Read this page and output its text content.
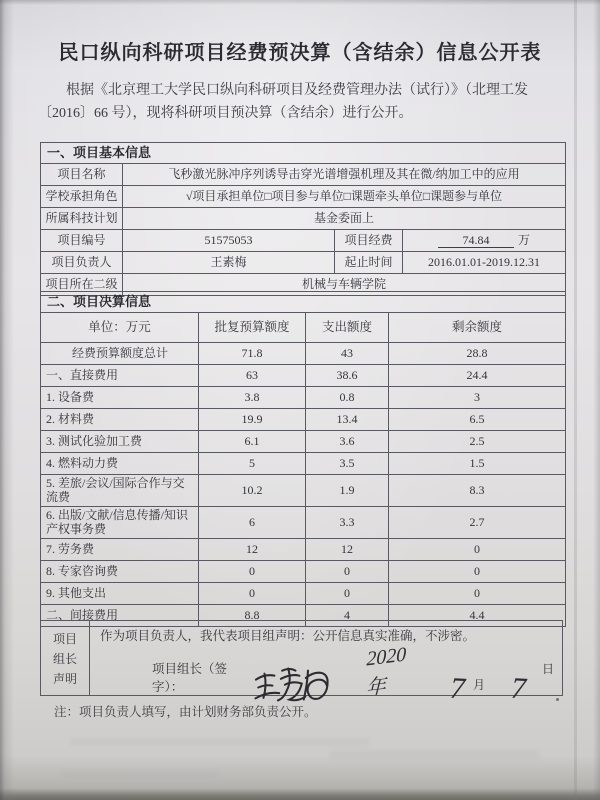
民口纵向科研项目经费预决算（含结余）信息公开表

根据《北京理工大学民口纵向科研项目及经费管理办法（试行）》（北理工发
〔2016〕66 号），现将科研项目预决算（含结余）进行公开。

一、项目基本信息			
项目名称	飞秒激光脉冲序列诱导击穿光谱增强机理及其在微/纳加工中的应用		
学校承担角色	√项目承担单位□项目参与单位□课题牵头单位□课题参与单位		
所属科技计划	基金委面上		
项目编号	51575053	项目经费	74.84 万
项目负责人	王素梅	起止时间	2016.01.01-2019.12.31
项目所在二级	机械与车辆学院		
二、项目决算信息			
单位：万元	批复预算额度	支出额度	剩余额度
经费预算额度总计	71.8	43	28.8
一、直接费用	63	38.6	24.4
1. 设备费	3.8	0.8	3
2. 材料费	19.9	13.4	6.5
3. 测试化验加工费	6.1	3.6	2.5
4. 燃料动力费	5	3.5	1.5
5. 差旅/会议/国际合作与交流费	10.2	1.9	8.3
6. 出版/文献/信息传播/知识产权事务费	6	3.3	2.7
7. 劳务费	12	12	0
8. 专家咨询费	0	0	0
9. 其他支出	0	0	0
二、间接费用	8.8	4	4.4
项目
组长
声明

作为项目负责人，我代表项目组声明：公开信息真实准确，不涉密。

项目组长（签字）：
2020年	7 月 7
日

注：项目负责人填写，由计划财务部负责公开。
